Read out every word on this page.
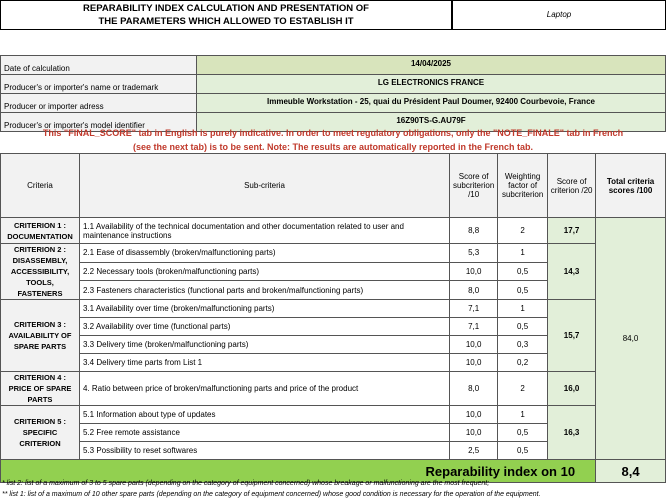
REPARABILITY INDEX CALCULATION AND PRESENTATION OF
THE PARAMETERS WHICH ALLOWED TO ESTABLISH IT
Laptop
Date of calculation	14/04/2025
Producer's or importer's name or trademark	LG ELECTRONICS FRANCE
Producer or importer adress	Immeuble Workstation - 25, quai du Président Paul Doumer, 92400 Courbevoie, France
Producer's or importer's model identifier	16Z90TS-G.AU79F
This "FINAL_SCORE" tab in English is purely indicative. In order to meet regulatory obligations, only the "NOTE_FINALE" tab in French
(see the next tab) is to be sent. Note: The results are automatically reported in the French tab.
Criteria	Sub-criteria	Score of subcriterion /10	Weighting factor of subcriterion	Score of criterion /20	Total criteria scores /100
CRITERION 1 : DOCUMENTATION	1.1 Availability of the technical documentation and other documentation related to user and maintenance instructions	8,8	2	17,7	84,0
CRITERION 2 : DISASSEMBLY, ACCESSIBILITY, TOOLS, FASTENERS	2.1 Ease of disassembly (broken/malfunctioning parts)	5,3	1	14,3	
	2.2 Necessary tools (broken/malfunctioning parts)	10,0	0,5		
	2.3 Fasteners characteristics (functional parts and broken/malfunctioning parts)	8,0	0,5		
CRITERION 3 : AVAILABILITY OF SPARE PARTS	3.1 Availability over time (broken/malfunctioning parts)	7,1	1	15,7	
	3.2 Availability over time (functional parts)	7,1	0,5		
	3.3 Delivery time (broken/malfunctioning parts)	10,0	0,3		
	3.4 Delivery time parts from List 1	10,0	0,2		
CRITERION 4 : PRICE OF SPARE PARTS	4. Ratio between price of broken/malfunctioning parts and price of the product	8,0	2	16,0	
CRITERION 5 : SPECIFIC CRITERION	5.1 Information about type of updates	10,0	1	16,3	
	5.2 Free remote assistance	10,0	0,5		
	5.3 Possibility to reset softwares	2,5	0,5		
Reparability index on 10					8,4
* list 2: list of a maximum of 3 to 5 spare parts (depending on the category of equipment concerned) whose breakage or malfunctioning are the most frequent;
** list 1: list of a maximum of 10 other spare parts (depending on the category of equipment concerned) whose good condition is necessary for the operation of the equipment.
